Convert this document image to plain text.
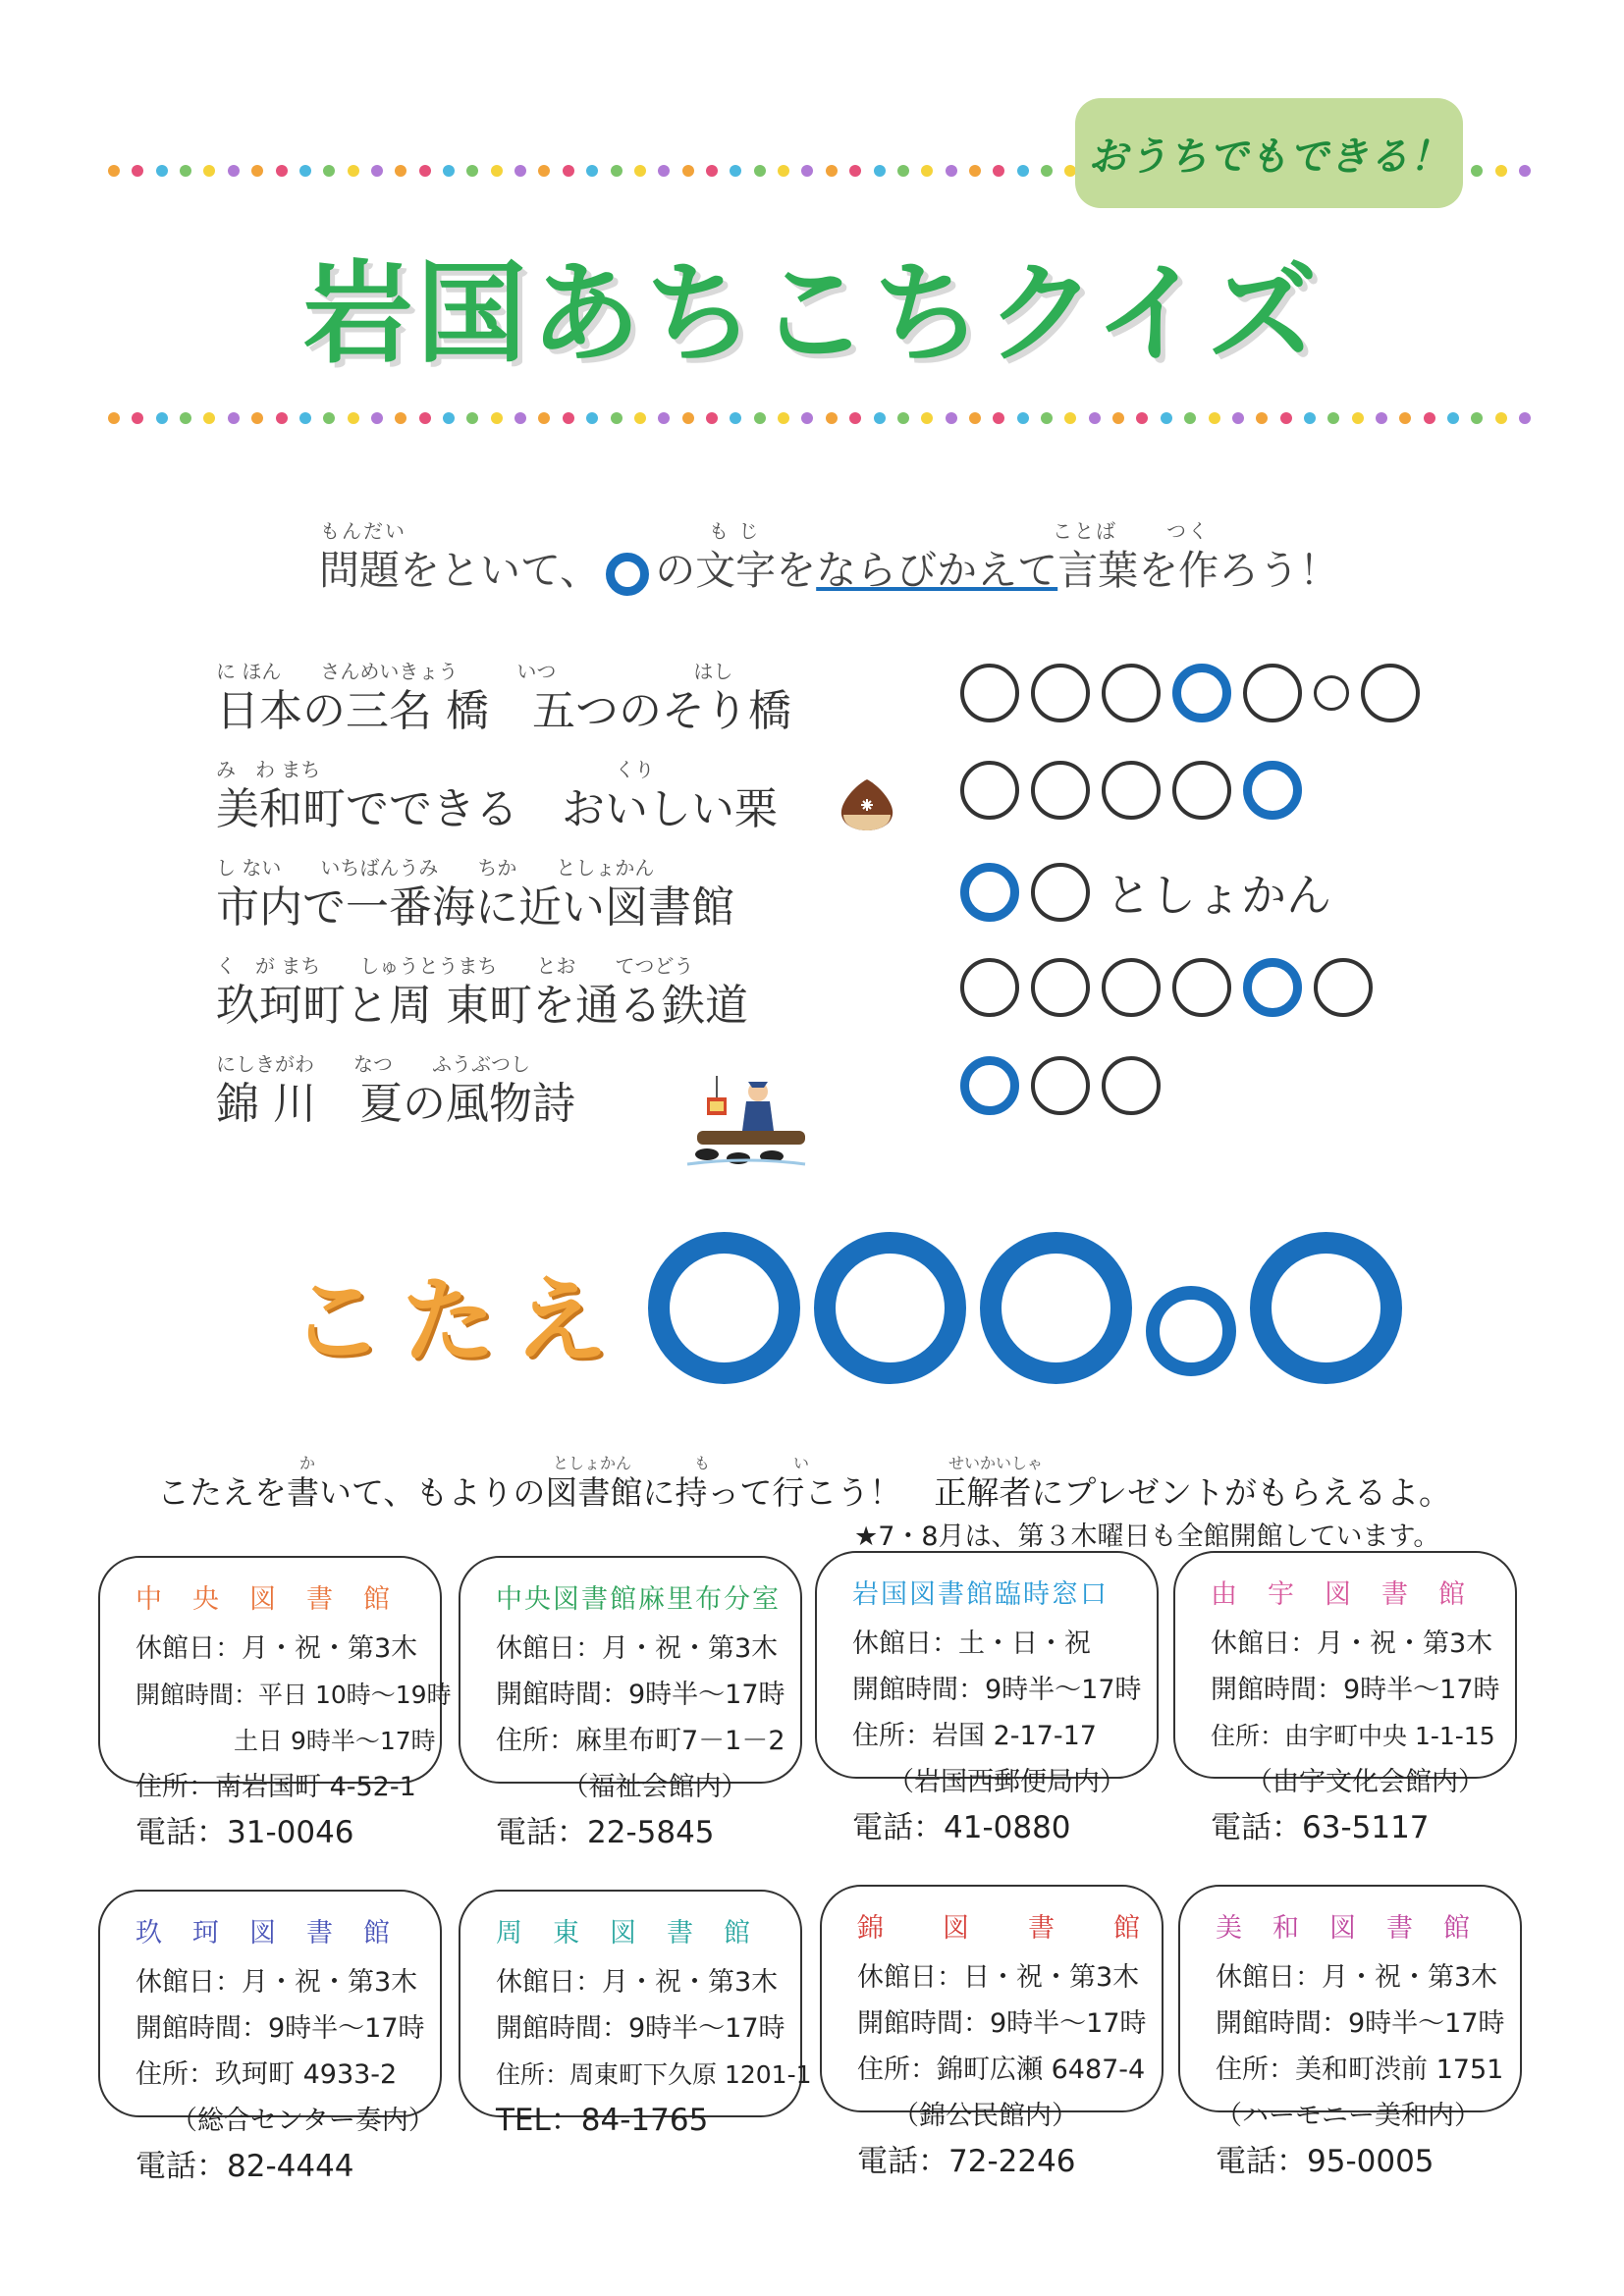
おうちでもできる！
岩国あちこちクイズ
もんだい	も じ	ことば	つく
問題をといて、 の文字をならびかえて言葉を作ろう！
に ほん　　さんめいきょう　　　いつ　　　　　　　はし
日本の三名 橋　五つのそり橋
み　わ まち　　　　　　　　　　　　　　　くり
美和町でできる　おいしい栗
し ない　　いちばんうみ　　ちか　　としょかん
市内で一番海に近い図書館	としょかん
く　が まち　　しゅうとうまち　　とお　　てつどう
玖珂町と周 東町を通る鉄道
にしきがわ　　なつ　　ふうぶつし
錦 川　夏の風物詩
こたえ
か	としょかん	も	い	せいかいしゃ
こたえを書いて、もよりの図書館に持って行こう！　正解者にプレゼントがもらえるよ。
★7・8月は、第３木曜日も全館開館しています。
中　央　図　書　館
休館日：月・祝・第3木
開館時間：平日 10時～19時
　　　　土日 9時半～17時
住所：南岩国町 4-52-1
電話：31-0046
中央図書館麻里布分室
休館日：月・祝・第3木
開館時間：9時半～17時
住所：麻里布町7－1－2
　　　（福祉会館内）
電話：22-5845
岩国図書館臨時窓口
休館日：土・日・祝
開館時間：9時半～17時
住所：岩国 2-17-17
（岩国西郵便局内）
電話：41-0880
由　宇　図　書　館
休館日：月・祝・第3木
開館時間：9時半～17時
住所：由宇町中央 1-1-15
（由宇文化会館内）
電話：63-5117
玖　珂　図　書　館
休館日：月・祝・第3木
開館時間：9時半～17時
住所：玖珂町 4933-2
（総合センター奏内）
電話：82-4444
周　東　図　書　館
休館日：月・祝・第3木
開館時間：9時半～17時
住所：周東町下久原 1201-1
TEL：84-1765
錦　　図　　書　　館
休館日：日・祝・第3木
開館時間：9時半～17時
住所：錦町広瀬 6487-4
（錦公民館内）
電話：72-2246
美　和　図　書　館
休館日：月・祝・第3木
開館時間：9時半～17時
住所：美和町渋前 1751
（ハーモニー美和内）
電話：95-0005
